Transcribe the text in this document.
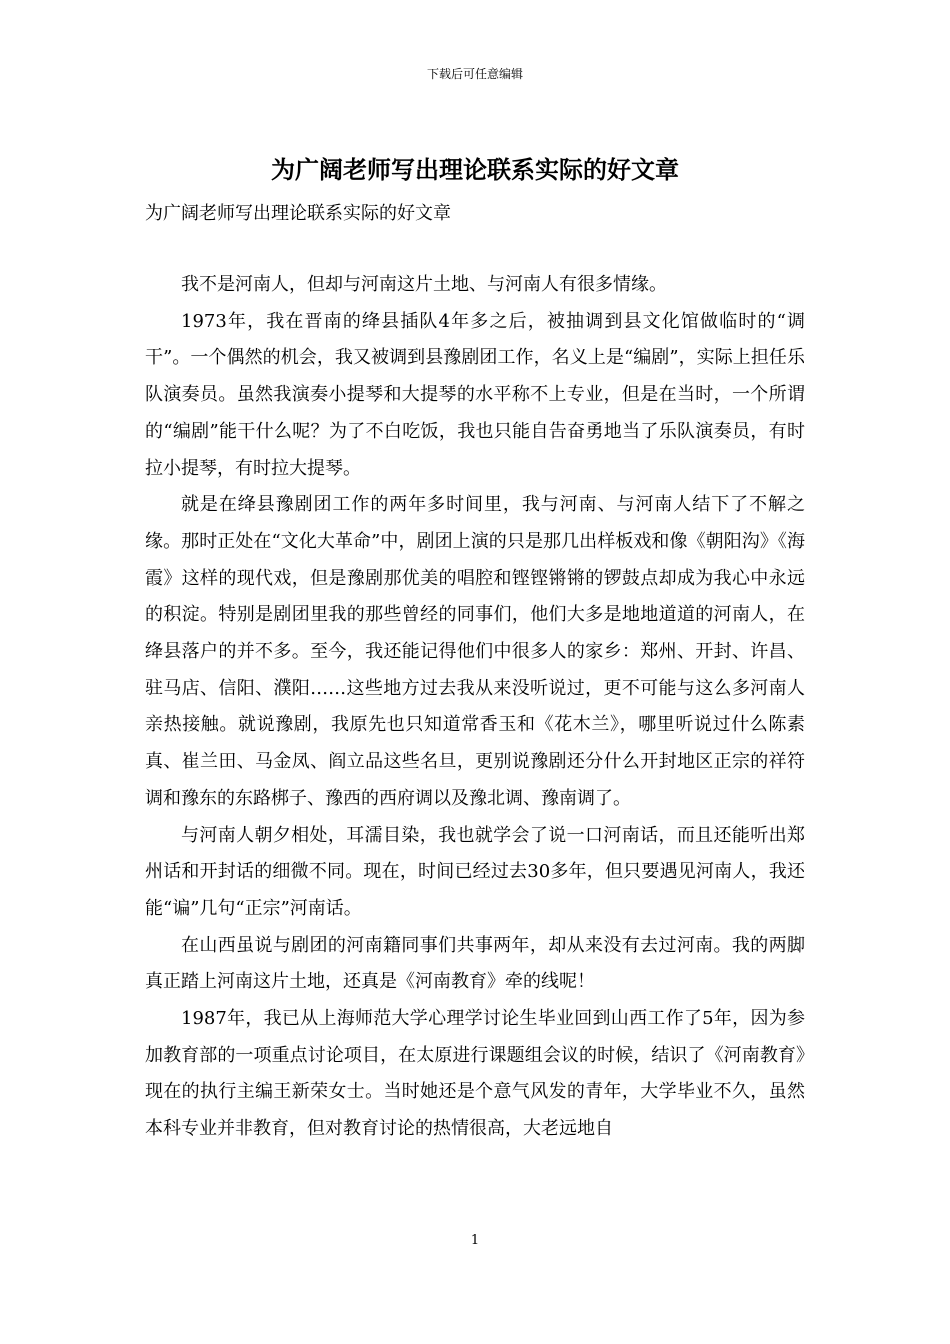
下载后可任意编辑
为广阔老师写出理论联系实际的好文章
为广阔老师写出理论联系实际的好文章

我不是河南人，但却与河南这片土地、与河南人有很多情缘。

1973年，我在晋南的绛县插队4年多之后，被抽调到县文化馆做临时的“调干”。一个偶然的机会，我又被调到县豫剧团工作，名义上是“编剧”，实际上担任乐队演奏员。虽然我演奏小提琴和大提琴的水平称不上专业，但是在当时，一个所谓的“编剧”能干什么呢？为了不白吃饭，我也只能自告奋勇地当了乐队演奏员，有时拉小提琴，有时拉大提琴。

就是在绛县豫剧团工作的两年多时间里，我与河南、与河南人结下了不解之缘。那时正处在“文化大革命”中，剧团上演的只是那几出样板戏和像《朝阳沟》《海霞》这样的现代戏，但是豫剧那优美的唱腔和铿铿锵锵的锣鼓点却成为我心中永远的积淀。特别是剧团里我的那些曾经的同事们，他们大多是地地道道的河南人，在绛县落户的并不多。至今，我还能记得他们中很多人的家乡：郑州、开封、许昌、驻马店、信阳、濮阳……这些地方过去我从来没听说过，更不可能与这么多河南人亲热接触。就说豫剧，我原先也只知道常香玉和《花木兰》，哪里听说过什么陈素真、崔兰田、马金凤、阎立品这些名旦，更别说豫剧还分什么开封地区正宗的祥符调和豫东的东路梆子、豫西的西府调以及豫北调、豫南调了。

与河南人朝夕相处，耳濡目染，我也就学会了说一口河南话，而且还能听出郑州话和开封话的细微不同。现在，时间已经过去30多年，但只要遇见河南人，我还能“谝”几句“正宗”河南话。

在山西虽说与剧团的河南籍同事们共事两年，却从来没有去过河南。我的两脚真正踏上河南这片土地，还真是《河南教育》牵的线呢！

1987年，我已从上海师范大学心理学讨论生毕业回到山西工作了5年，因为参加教育部的一项重点讨论项目，在太原进行课题组会议的时候，结识了《河南教育》现在的执行主编王新荣女士。当时她还是个意气风发的青年，大学毕业不久，虽然本科专业并非教育，但对教育讨论的热情很高，大老远地自

1
